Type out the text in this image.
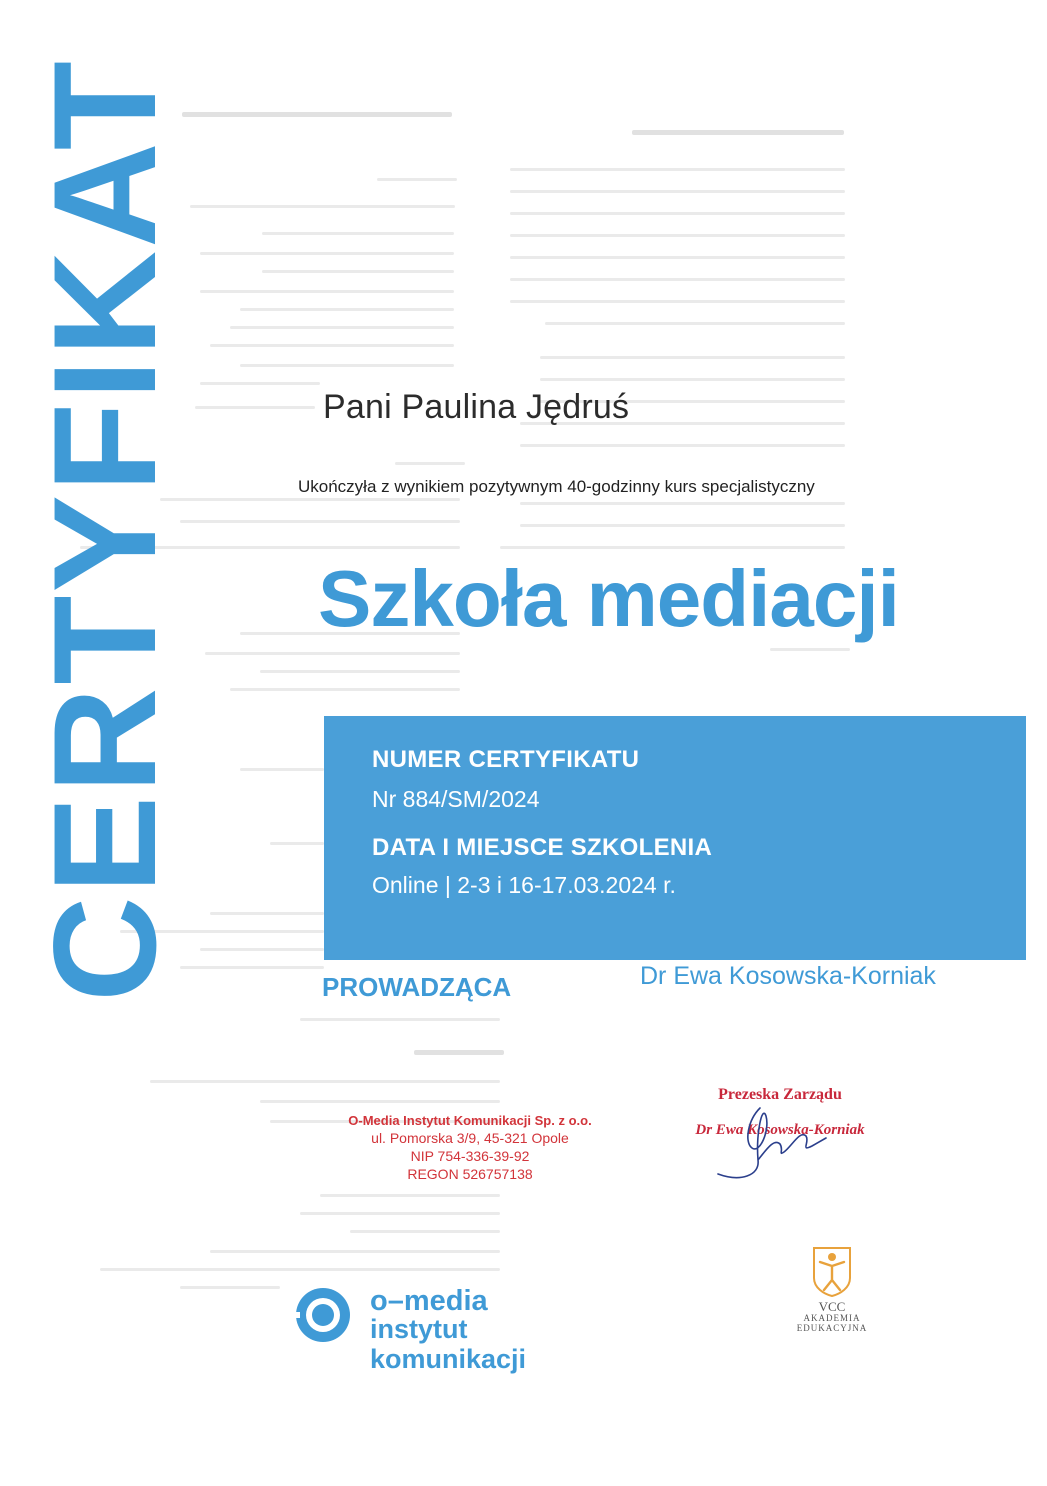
CERTYFIKAT	Pani Paulina Jędruś
Ukończyła z wynikiem pozytywnym 40-godzinny kurs specjalistyczny
Szkoła mediacji
NUMER CERTYFIKATU
Nr 884/SM/2024
DATA I MIEJSCE SZKOLENIA
Online | 2-3 i 16-17.03.2024 r.
PROWADZĄCA	Dr Ewa Kosowska-Korniak
O-Media Instytut Komunikacji Sp. z o.o.
ul. Pomorska 3/9, 45-321 Opole
NIP 754-336-39-92
REGON 526757138
Prezeska Zarządu
Dr Ewa Kosowska-Korniak
o–media
instytut komunikacji
VCC
AKADEMIA
EDUKACYJNA
